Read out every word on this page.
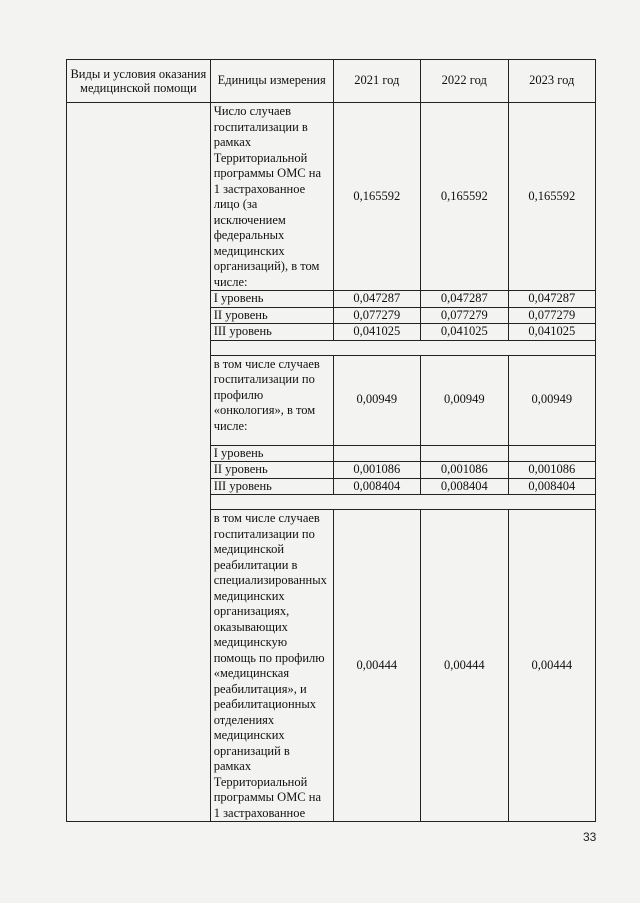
Виды и условия оказания медицинской помощи	Единицы измерения	2021 год	2022 год	2023 год
	Число случаев госпитализации в рамках Территориальной программы ОМС на 1 застрахованное лицо (за исключением федеральных медицинских организаций), в том числе:	0,165592	0,165592	0,165592
	I уровень	0,047287	0,047287	0,047287
	II уровень	0,077279	0,077279	0,077279
	III уровень	0,041025	0,041025	0,041025

	в том числе случаев госпитализации по профилю «онкология», в том числе:	0,00949	0,00949	0,00949
	I уровень			
	II уровень	0,001086	0,001086	0,001086
	III уровень	0,008404	0,008404	0,008404

	в том числе случаев госпитализации по медицинской реабилитации в специализированных медицинских организациях, оказывающих медицинскую помощь по профилю «медицинская реабилитация», и реабилитационных отделениях медицинских организаций в рамках Территориальной программы ОМС на 1 застрахованное	0,00444	0,00444	0,00444
33
